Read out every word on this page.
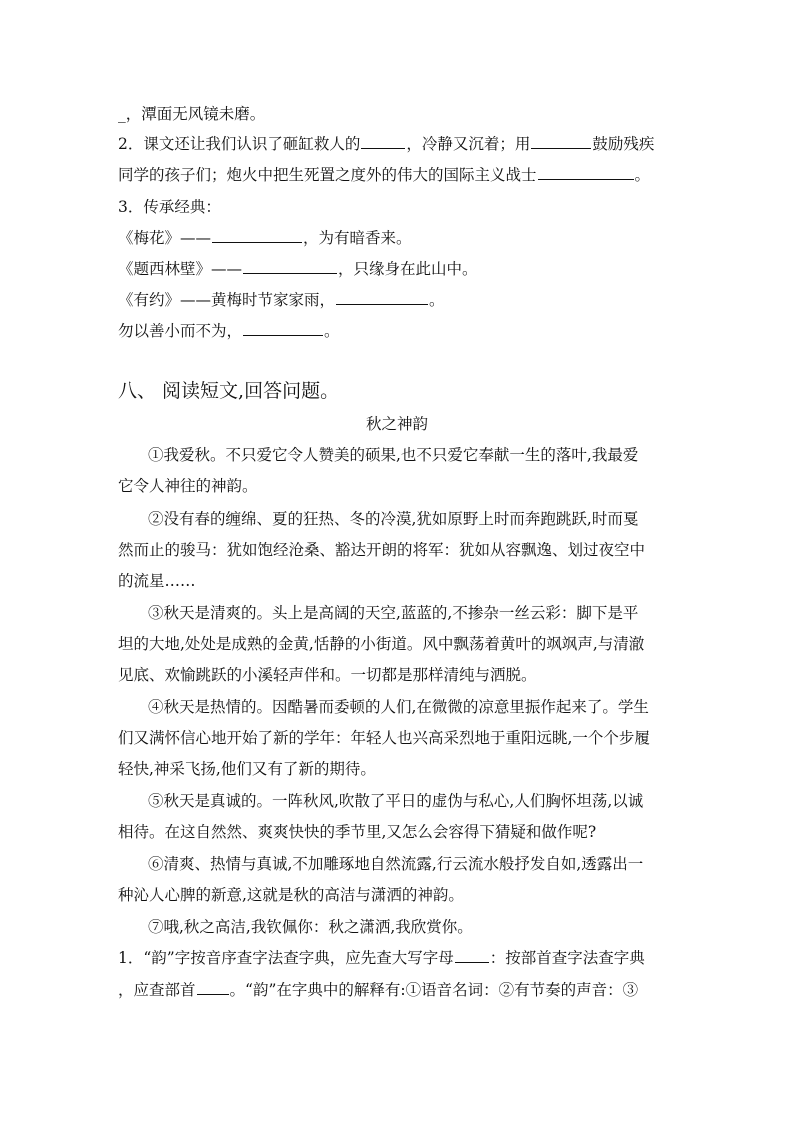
_，潭面无风镜未磨。
2．课文还让我们认识了砸缸救人的	，冷静又沉着；用	鼓励残疾
同学的孩子们；炮火中把生死置之度外的伟大的国际主义战士	。
3．传承经典：
《梅花》——	，为有暗香来。
《题西林壁》——	，只缘身在此山中。
《有约》——黄梅时节家家雨，	。
勿以善小而不为，	。
八、 阅读短文,回答问题。
秋之神韵
①我爱秋。不只爱它令人赞美的硕果,也不只爱它奉献一生的落叶,我最爱
它令人神往的神韵。
②没有春的缠绵、夏的狂热、冬的冷漠,犹如原野上时而奔跑跳跃,时而戛
然而止的骏马：犹如饱经沧桑、豁达开朗的将军：犹如从容飘逸、划过夜空中
的流星……
③秋天是清爽的。头上是高阔的天空,蓝蓝的,不掺杂一丝云彩：脚下是平
坦的大地,处处是成熟的金黄,恬静的小街道。风中飘荡着黄叶的飒飒声,与清澈
见底、欢愉跳跃的小溪轻声伴和。一切都是那样清纯与洒脱。
④秋天是热情的。因酷暑而委顿的人们,在微微的凉意里振作起来了。学生
们又满怀信心地开始了新的学年：年轻人也兴高采烈地于重阳远眺,一个个步履
轻快,神采飞扬,他们又有了新的期待。
⑤秋天是真诚的。一阵秋风,吹散了平日的虚伪与私心,人们胸怀坦荡,以诚
相待。在这自然然、爽爽快快的季节里,又怎么会容得下猜疑和做作呢?
⑥清爽、热情与真诚,不加雕琢地自然流露,行云流水般抒发自如,透露出一
种沁人心脾的新意,这就是秋的高洁与潇洒的神韵。
⑦哦,秋之高洁,我钦佩你：秋之潇洒,我欣赏你。
1．“韵”字按音序查字法查字典，应先查大写字母 ：按部首查字法查字典
，应查部首 。“韵”在字典中的解释有:①语音名词：②有节奏的声音：③
